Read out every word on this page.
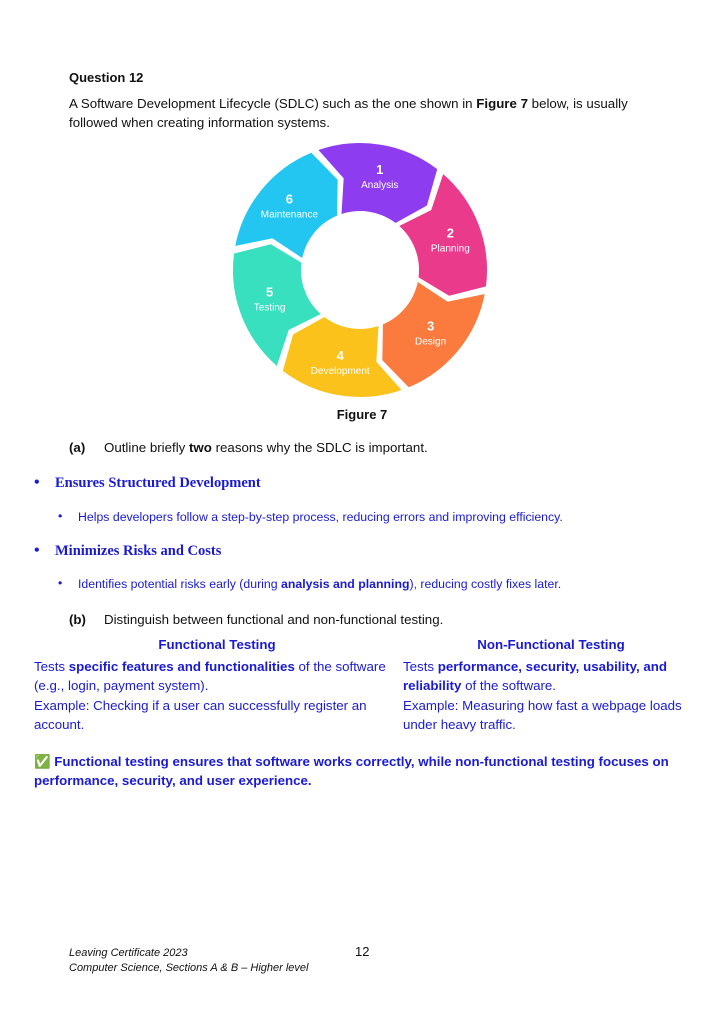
Question 12
A Software Development Lifecycle (SDLC) such as the one shown in Figure 7 below, is usually followed when creating information systems.
1
Analysis
2
Planning
3
Design
4
Development
5
Testing
6
Maintenance
Figure 7
(a) Outline briefly two reasons why the SDLC is important.
• Ensures Structured Development
• Helps developers follow a step-by-step process, reducing errors and improving efficiency.
• Minimizes Risks and Costs
• Identifies potential risks early (during analysis and planning), reducing costly fixes later.
(b) Distinguish between functional and non-functional testing.
Functional Testing	Non-Functional Testing
Tests specific features and functionalities of the software (e.g., login, payment system).
Example: Checking if a user can successfully register an account.
Tests performance, security, usability, and reliability of the software.
Example: Measuring how fast a webpage loads under heavy traffic.
✅ Functional testing ensures that software works correctly, while non-functional testing focuses on performance, security, and user experience.
12
Leaving Certificate 2023
Computer Science, Sections A & B – Higher level
